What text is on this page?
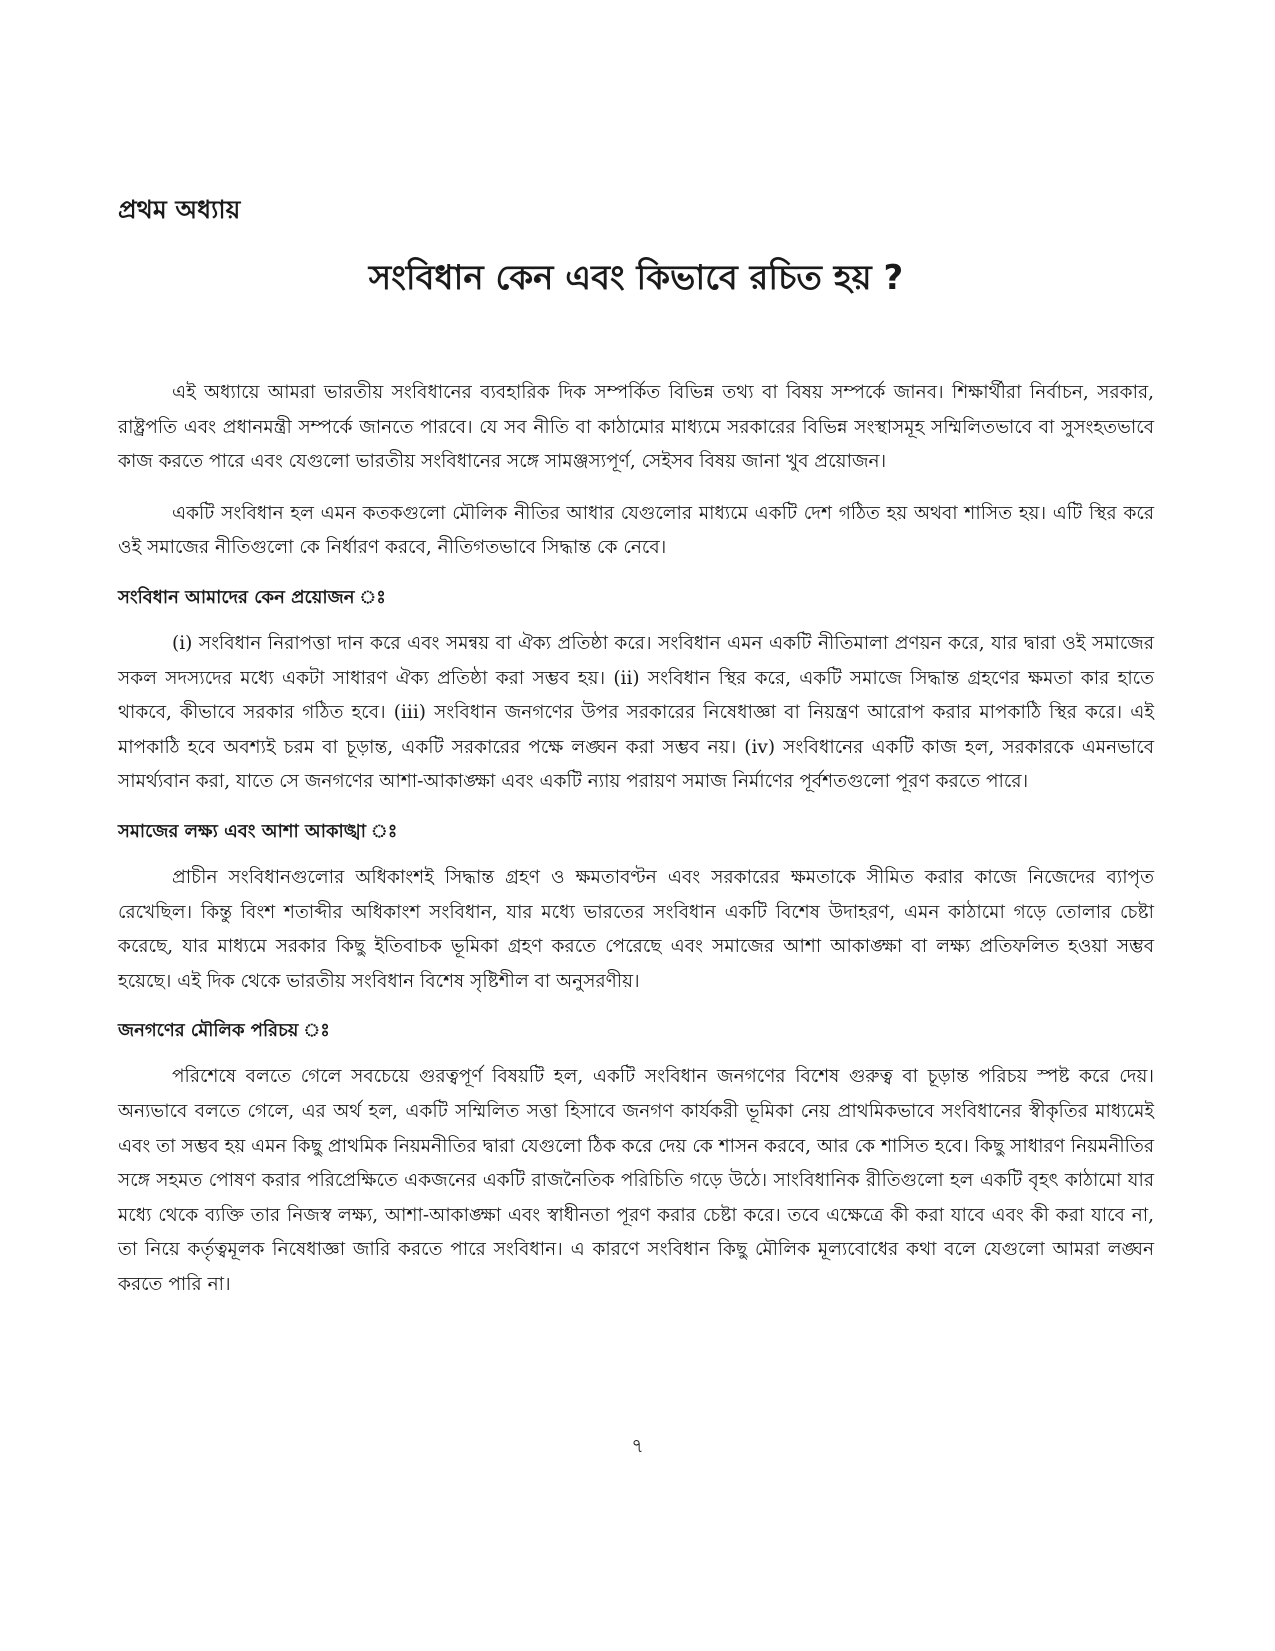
প্রথম অধ্যায়
সংবিধান কেন এবং কিভাবে রচিত হয় ?

এই অধ্যায়ে আমরা ভারতীয় সংবিধানের ব্যবহারিক দিক সম্পর্কিত বিভিন্ন তথ্য বা বিষয় সম্পর্কে জানব। শিক্ষার্থীরা নির্বাচন, সরকার, রাষ্ট্রপতি এবং প্রধানমন্ত্রী সম্পর্কে জানতে পারবে। যে সব নীতি বা কাঠামোর মাধ্যমে সরকারের বিভিন্ন সংস্থাসমূহ সম্মিলিতভাবে বা সুসংহতভাবে কাজ করতে পারে এবং যেগুলো ভারতীয় সংবিধানের সঙ্গে সামঞ্জস্যপূর্ণ, সেইসব বিষয় জানা খুব প্রয়োজন।

একটি সংবিধান হল এমন কতকগুলো মৌলিক নীতির আধার যেগুলোর মাধ্যমে একটি দেশ গঠিত হয় অথবা শাসিত হয়। এটি স্থির করে ওই সমাজের নীতিগুলো কে নির্ধারণ করবে, নীতিগতভাবে সিদ্ধান্ত কে নেবে।

সংবিধান আমাদের কেন প্রয়োজন ঃ

(i) সংবিধান নিরাপত্তা দান করে এবং সমন্বয় বা ঐক্য প্রতিষ্ঠা করে। সংবিধান এমন একটি নীতিমালা প্রণয়ন করে, যার দ্বারা ওই সমাজের সকল সদস্যদের মধ্যে একটা সাধারণ ঐক্য প্রতিষ্ঠা করা সম্ভব হয়। (ii) সংবিধান স্থির করে, একটি সমাজে সিদ্ধান্ত গ্রহণের ক্ষমতা কার হাতে থাকবে, কীভাবে সরকার গঠিত হবে। (iii) সংবিধান জনগণের উপর সরকারের নিষেধাজ্ঞা বা নিয়ন্ত্রণ আরোপ করার মাপকাঠি স্থির করে। এই মাপকাঠি হবে অবশ্যই চরম বা চূড়ান্ত, একটি সরকারের পক্ষে লঙ্ঘন করা সম্ভব নয়। (iv) সংবিধানের একটি কাজ হল, সরকারকে এমনভাবে সামর্থ্যবান করা, যাতে সে জনগণের আশা-আকাঙ্ক্ষা এবং একটি ন্যায় পরায়ণ সমাজ নির্মাণের পূর্বশতগুলো পূরণ করতে পারে।

সমাজের লক্ষ্য এবং আশা আকাঙ্খা ঃ

প্রাচীন সংবিধানগুলোর অধিকাংশই সিদ্ধান্ত গ্রহণ ও ক্ষমতাবণ্টন এবং সরকারের ক্ষমতাকে সীমিত করার কাজে নিজেদের ব্যাপৃত রেখেছিল। কিন্তু বিংশ শতাব্দীর অধিকাংশ সংবিধান, যার মধ্যে ভারতের সংবিধান একটি বিশেষ উদাহরণ, এমন কাঠামো গড়ে তোলার চেষ্টা করেছে, যার মাধ্যমে সরকার কিছু ইতিবাচক ভূমিকা গ্রহণ করতে পেরেছে এবং সমাজের আশা আকাঙ্ক্ষা বা লক্ষ্য প্রতিফলিত হওয়া সম্ভব হয়েছে। এই দিক থেকে ভারতীয় সংবিধান বিশেষ সৃষ্টিশীল বা অনুসরণীয়।

জনগণের মৌলিক পরিচয় ঃ

পরিশেষে বলতে গেলে সবচেয়ে গুরত্বপূর্ণ বিষয়টি হল, একটি সংবিধান জনগণের বিশেষ গুরুত্ব বা চূড়ান্ত পরিচয় স্পষ্ট করে দেয়। অন্যভাবে বলতে গেলে, এর অর্থ হল, একটি সম্মিলিত সত্তা হিসাবে জনগণ কার্যকরী ভূমিকা নেয় প্রাথমিকভাবে সংবিধানের স্বীকৃতির মাধ্যমেই এবং তা সম্ভব হয় এমন কিছু প্রাথমিক নিয়মনীতির দ্বারা যেগুলো ঠিক করে দেয় কে শাসন করবে, আর কে শাসিত হবে। কিছু সাধারণ নিয়মনীতির সঙ্গে সহমত পোষণ করার পরিপ্রেক্ষিতে একজনের একটি রাজনৈতিক পরিচিতি গড়ে উঠে। সাংবিধানিক রীতিগুলো হল একটি বৃহৎ কাঠামো যার মধ্যে থেকে ব্যক্তি তার নিজস্ব লক্ষ্য, আশা-আকাঙ্ক্ষা এবং স্বাধীনতা পূরণ করার চেষ্টা করে। তবে এক্ষেত্রে কী করা যাবে এবং কী করা যাবে না, তা নিয়ে কর্তৃত্বমূলক নিষেধাজ্ঞা জারি করতে পারে সংবিধান। এ কারণে সংবিধান কিছু মৌলিক মূল্যবোধের কথা বলে যেগুলো আমরা লঙ্ঘন করতে পারি না।

৭
